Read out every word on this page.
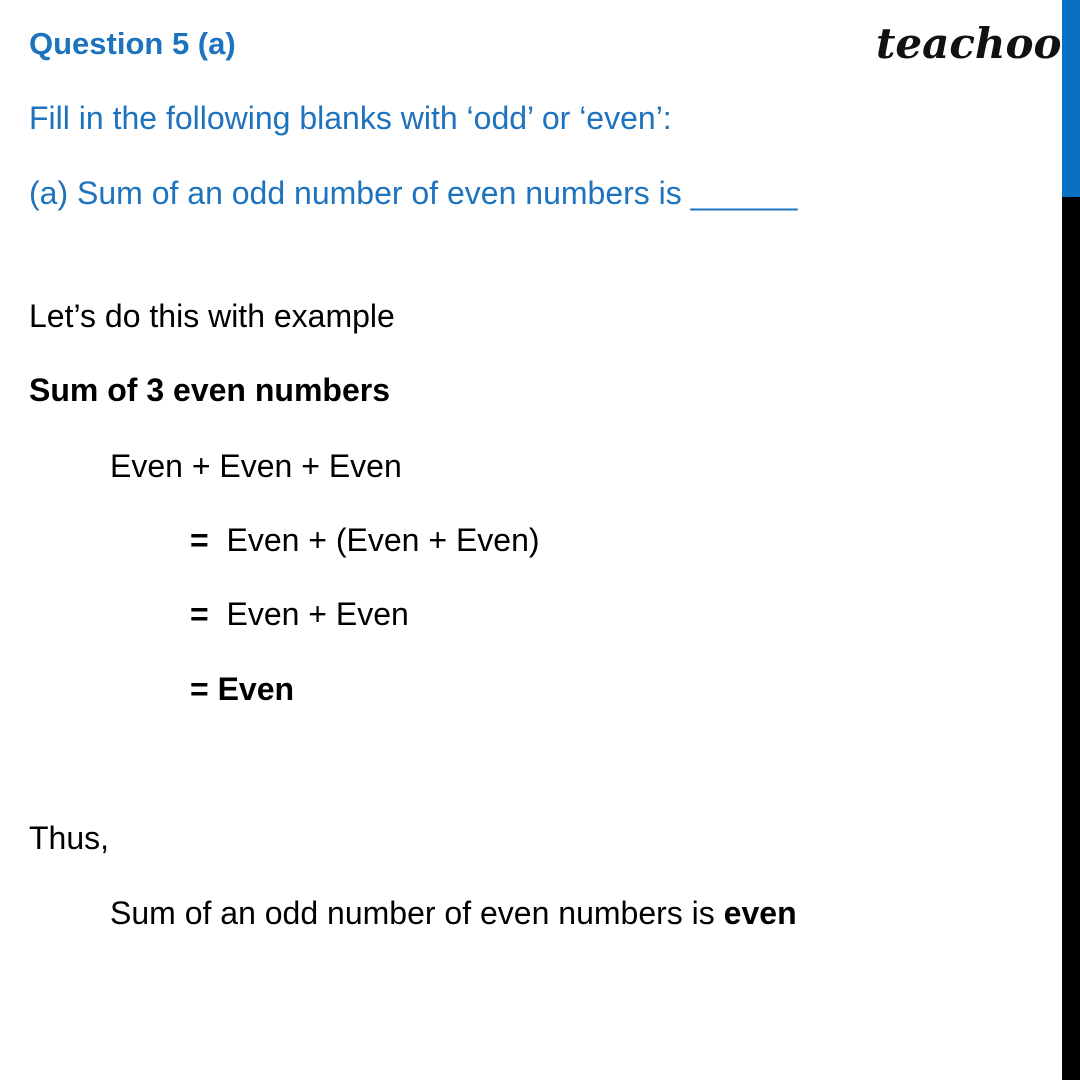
Question 5 (a)	teachoo
Fill in the following blanks with ‘odd’ or ‘even’:
(a) Sum of an odd number of even numbers is ______
Let’s do this with example
Sum of 3 even numbers
Even + Even + Even
= Even + (Even + Even)
= Even + Even
= Even
Thus,
Sum of an odd number of even numbers is even
